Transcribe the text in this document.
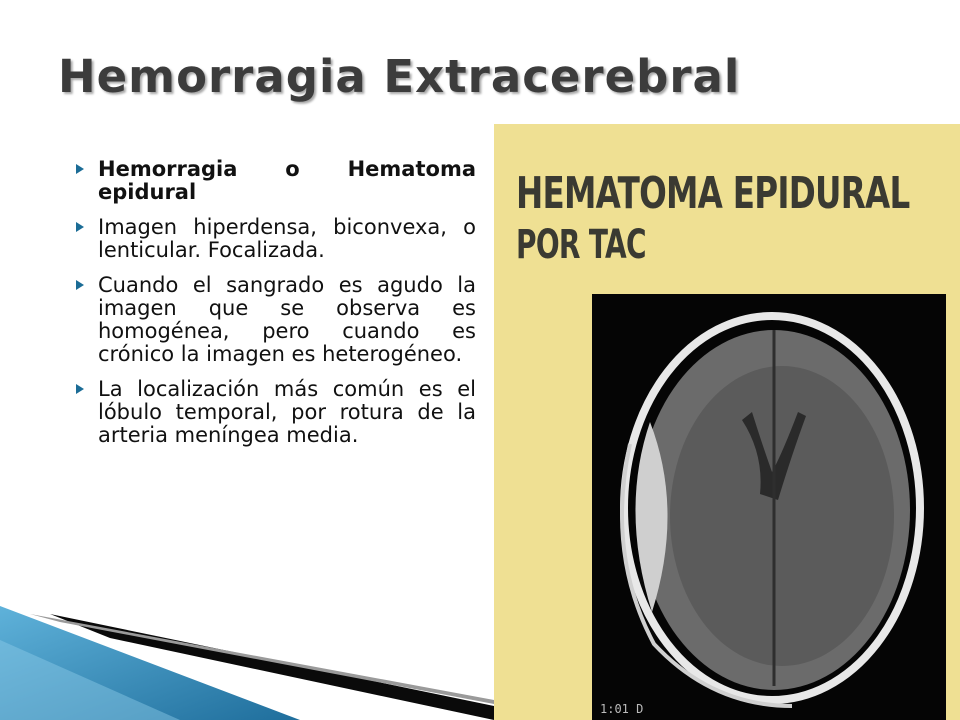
Hemorragia Extracerebral
Hemorragia o Hematoma epidural
Imagen hiperdensa, biconvexa, o lenticular. Focalizada.
Cuando el sangrado es agudo la imagen que se observa es homogénea, pero cuando es crónico la imagen es heterogéneo.
La localización más común es el lóbulo temporal, por rotura de la arteria meníngea media.
HEMATOMA EPIDURAL
POR TAC
1:01 D
